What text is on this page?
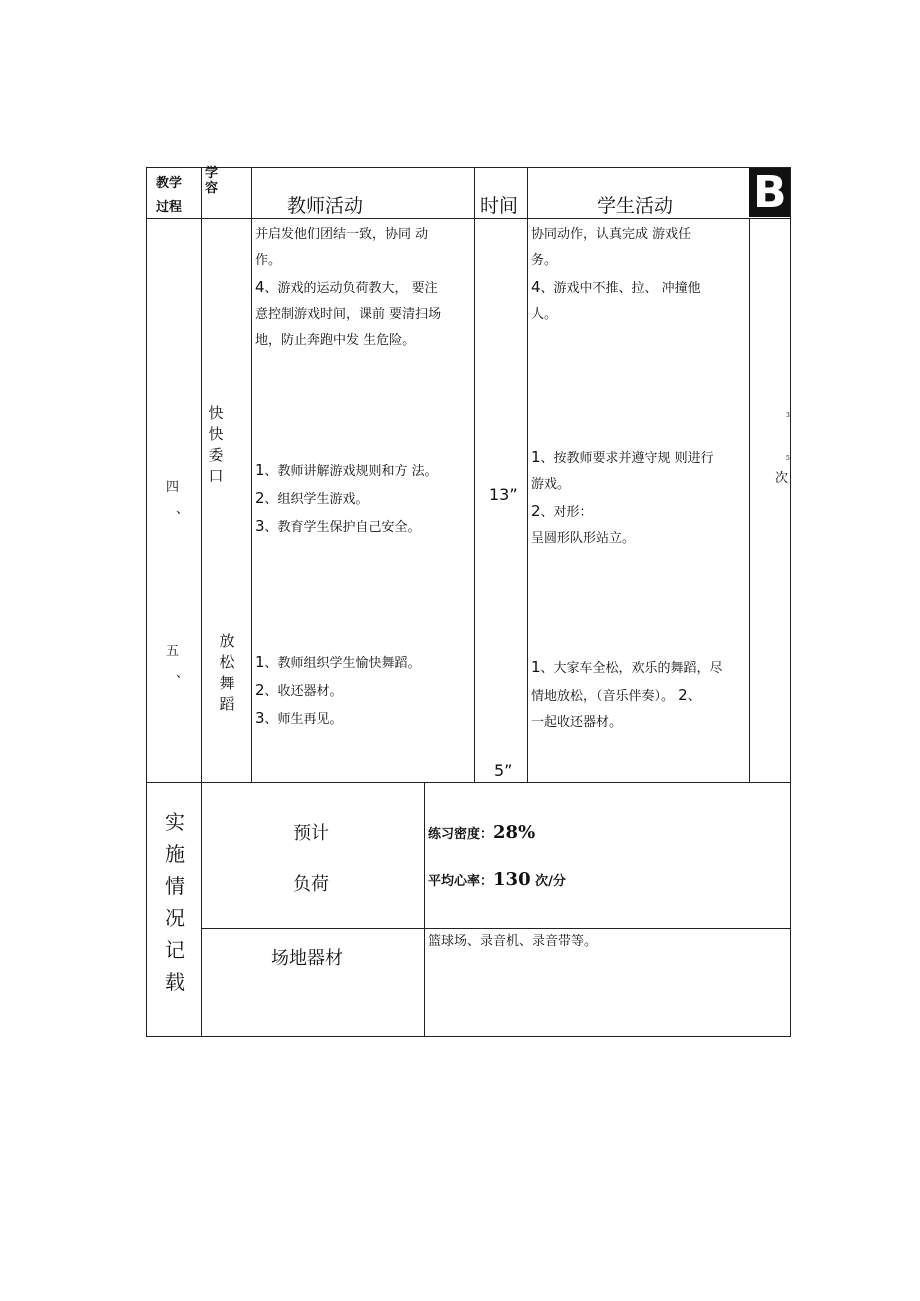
教学过程
学容
教师活动	时间	学生活动 B
并启发他们团结一致，协同 动
作。
4、游戏的运动负荷教大， 要注
意控制游戏时间，课前 要清扫场
地，防止奔跑中发 生危险。
1、教师讲解游戏规则和方 法。
2、组织学生游戏。
3、教育学生保护自己安全。
1、教师组织学生愉快舞蹈。
2、收还器材。
3、师生再见。
协同动作，认真完成 游戏任
务。
4、游戏中不推、拉、 冲撞他
人。
1、按教师要求并遵守规 则进行
游戏。
2、对形：
呈圆形队形站立。
1、大家车全松，欢乐的舞蹈，尽
情地放松，（音乐伴奏）。 2、
一起收还器材。
四
、
五
、
快
快
委
口
放
松
舞
蹈
13”
5”
3
5
次
实
施
情
况
记
载
预计
负荷
练习密度：28%
平均心率：130 次/分
场地器材
篮球场、录音机、录音带等。
